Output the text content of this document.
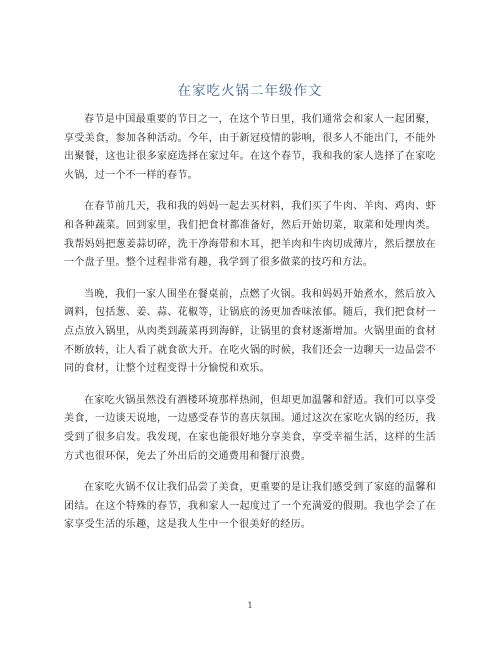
在家吃火锅二年级作文

春节是中国最重要的节日之一，在这个节日里，我们通常会和家人一起团聚，享受美食，参加各种活动。今年，由于新冠疫情的影响，很多人不能出门，不能外出聚餐，这也让很多家庭选择在家过年。在这个春节，我和我的家人选择了在家吃火锅，过一个不一样的春节。

在春节前几天，我和我的妈妈一起去买材料，我们买了牛肉、羊肉、鸡肉、虾和各种蔬菜。回到家里，我们把食材都准备好，然后开始切菜，取菜和处理肉类。我帮妈妈把葱姜蒜切碎，洗干净海带和木耳，把羊肉和牛肉切成薄片，然后摆放在一个盘子里。整个过程非常有趣，我学到了很多做菜的技巧和方法。

当晚，我们一家人围坐在餐桌前，点燃了火锅。我和妈妈开始煮水，然后放入调料，包括葱、姜、蒜、花椒等，让锅底的汤更加香味浓郁。随后，我们把食材一点点放入锅里，从肉类到蔬菜再到海鲜，让锅里的食材逐渐增加。火锅里面的食材不断放转，让人看了就食欲大开。在吃火锅的时候，我们还会一边聊天一边品尝不同的食材，让整个过程变得十分愉悦和欢乐。

在家吃火锅虽然没有酒楼环境那样热闹，但却更加温馨和舒适。我们可以享受美食，一边谈天说地，一边感受春节的喜庆氛围。通过这次在家吃火锅的经历，我受到了很多启发。我发现，在家也能很好地分享美食，享受幸福生活，这样的生活方式也很环保，免去了外出后的交通费用和餐厅浪费。

在家吃火锅不仅让我们品尝了美食，更重要的是让我们感受到了家庭的温馨和团结。在这个特殊的春节，我和家人一起度过了一个充满爱的假期。我也学会了在家享受生活的乐趣，这是我人生中一个很美好的经历。

1
